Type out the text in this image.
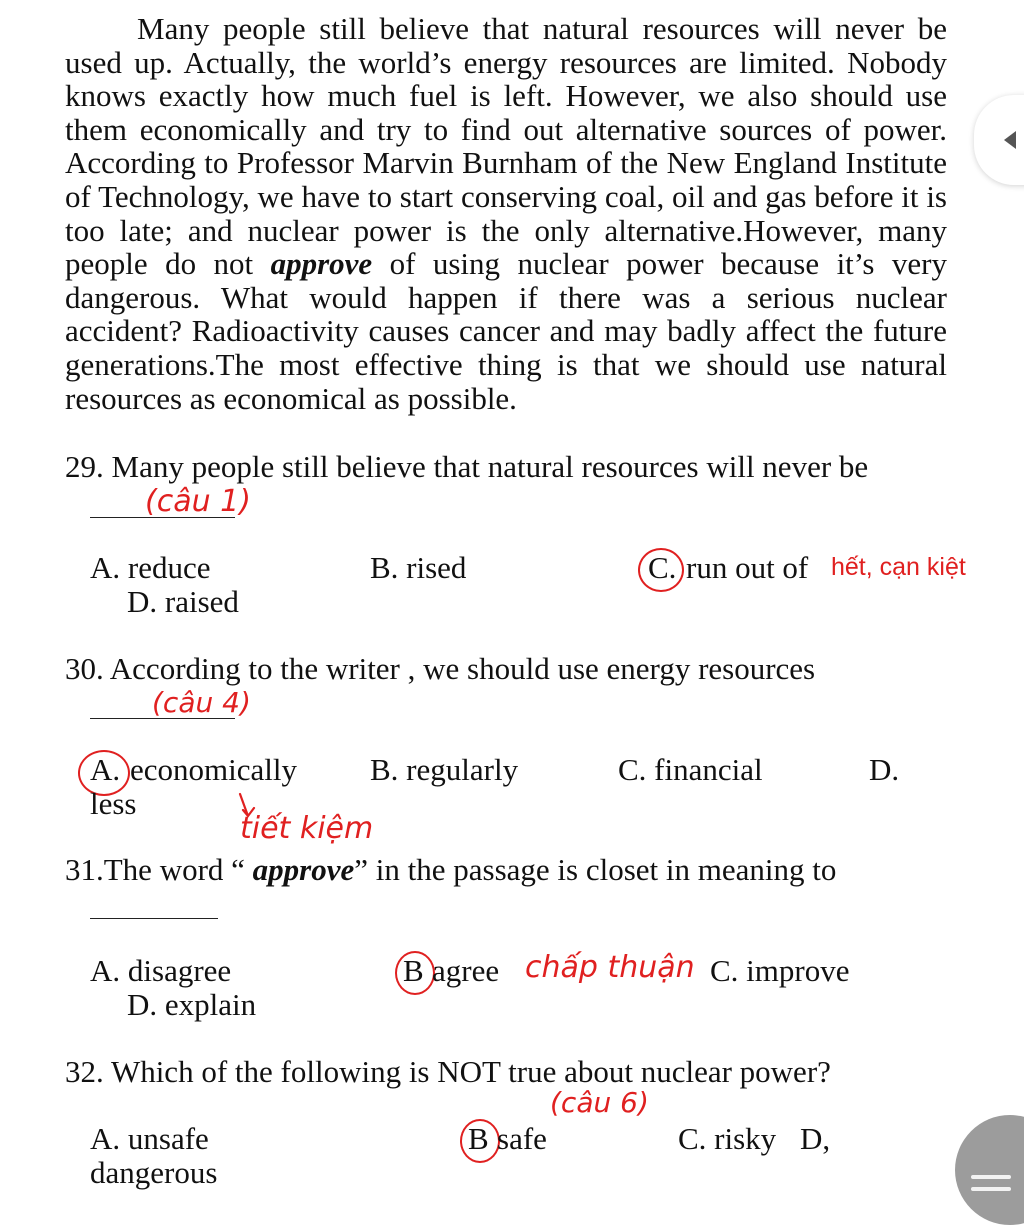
Many people still believe that natural resources will never be used up. Actually, the world’s energy resources are limited. Nobody knows exactly how much fuel is left. However, we also should use them economically and try to find out alternative sources of power. According to Professor Marvin Burnham of the New England Institute of Technology, we have to start conserving coal, oil and gas before it is too late; and nuclear power is the only alternative.However, many people do not approve of using nuclear power because it’s very dangerous. What would happen if there was a serious nuclear accident? Radioactivity causes cancer and may badly affect the future generations.The most effective thing is that we should use natural resources as economical as possible.
29. Many people still believe that natural resources will never be
(câu 1)
A. reduce	B. rised	C. run out of hết, cạn kiệt
D. raised
30. According to the writer , we should use energy resources
(câu 4)
A. economically B. regularly	C. financial	D.
less
tiết kiệm
31.The word “ approve” in the passage is closet in meaning to
A. disagree	B agree chấp thuận C. improve
D. explain
32. Which of the following is NOT true about nuclear power?
(câu 6)
A. unsafe	B safe	C. risky D,
dangerous
